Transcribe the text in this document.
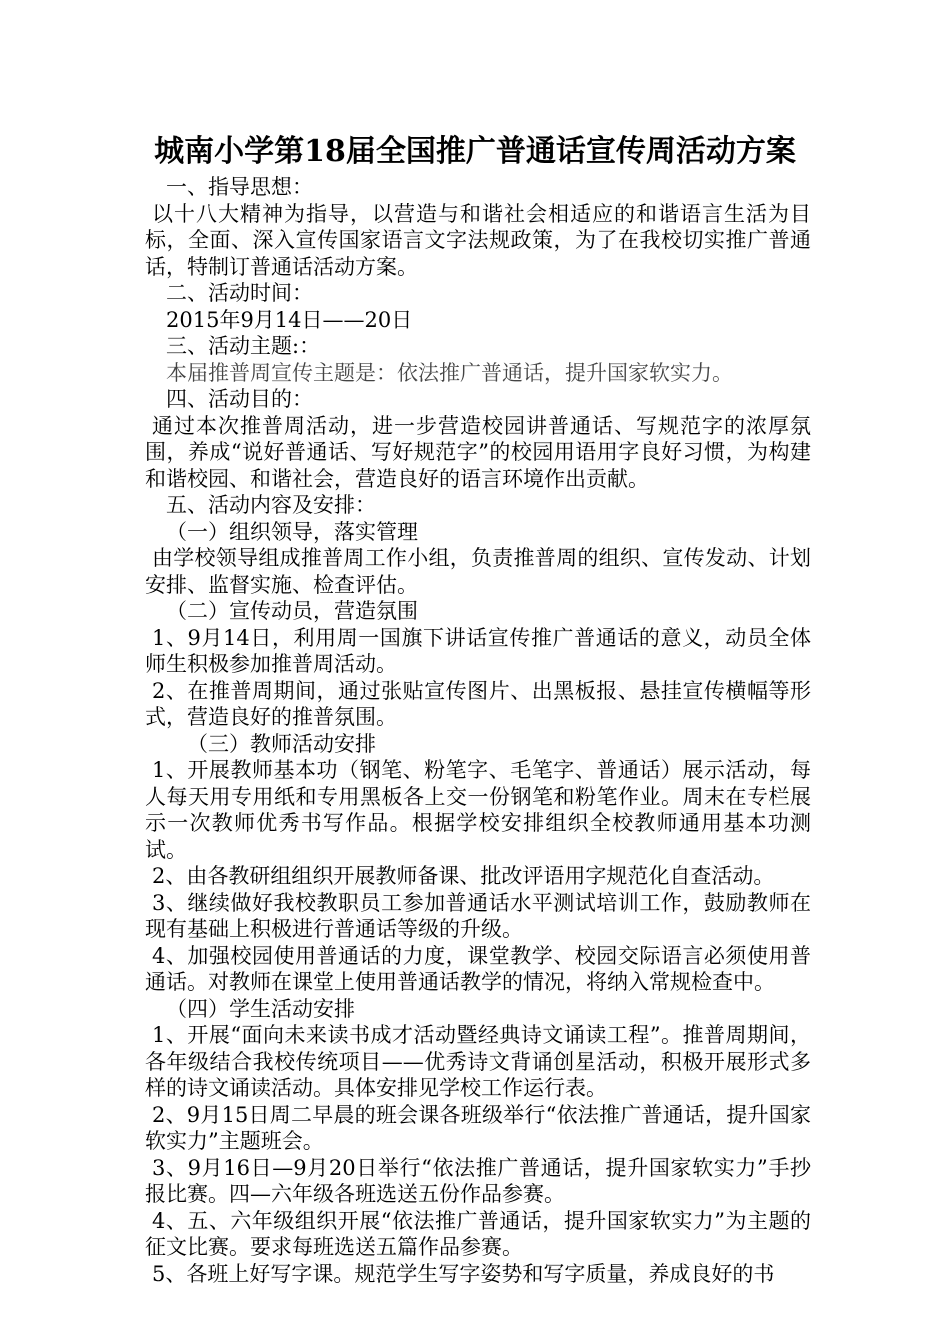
城南小学第18届全国推广普通话宣传周活动方案

一、指导思想：

以十八大精神为指导，以营造与和谐社会相适应的和谐语言生活为目标，全面、深入宣传国家语言文字法规政策，为了在我校切实推广普通话，特制订普通话活动方案。

二、活动时间：

2015年9月14日——20日

三、活动主题:：

本届推普周宣传主题是：依法推广普通话，提升国家软实力。

四、活动目的：

通过本次推普周活动，进一步营造校园讲普通话、写规范字的浓厚氛围，养成“说好普通话、写好规范字”的校园用语用字良好习惯，为构建和谐校园、和谐社会，营造良好的语言环境作出贡献。

五、活动内容及安排：

（一）组织领导，落实管理

由学校领导组成推普周工作小组，负责推普周的组织、宣传发动、计划安排、监督实施、检查评估。

（二）宣传动员，营造氛围

1、9月14日，利用周一国旗下讲话宣传推广普通话的意义，动员全体师生积极参加推普周活动。

2、在推普周期间，通过张贴宣传图片、出黑板报、悬挂宣传横幅等形式，营造良好的推普氛围。

（三）教师活动安排

1、开展教师基本功（钢笔、粉笔字、毛笔字、普通话）展示活动，每人每天用专用纸和专用黑板各上交一份钢笔和粉笔作业。周末在专栏展示一次教师优秀书写作品。根据学校安排组织全校教师通用基本功测试。

2、由各教研组组织开展教师备课、批改评语用字规范化自查活动。

3、继续做好我校教职员工参加普通话水平测试培训工作，鼓励教师在现有基础上积极进行普通话等级的升级。

4、加强校园使用普通话的力度，课堂教学、校园交际语言必须使用普通话。对教师在课堂上使用普通话教学的情况，将纳入常规检查中。

（四）学生活动安排

1、开展“面向未来读书成才活动暨经典诗文诵读工程”。推普周期间，各年级结合我校传统项目——优秀诗文背诵创星活动，积极开展形式多样的诗文诵读活动。具体安排见学校工作运行表。

2、9月15日周二早晨的班会课各班级举行“依法推广普通话，提升国家软实力”主题班会。

3、9月16日—9月20日举行“依法推广普通话，提升国家软实力”手抄报比赛。四—六年级各班选送五份作品参赛。

4、五、六年级组织开展“依法推广普通话，提升国家软实力”为主题的征文比赛。要求每班选送五篇作品参赛。

5、各班上好写字课。规范学生写字姿势和写字质量，养成良好的书
